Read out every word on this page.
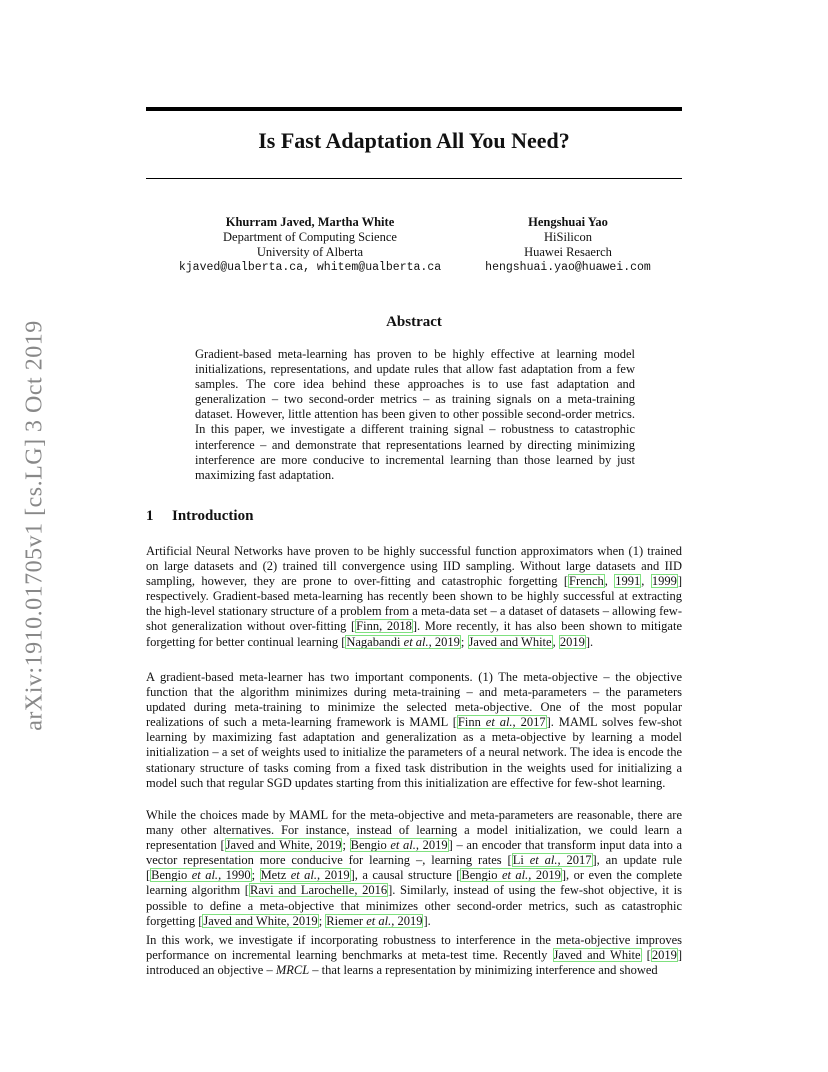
Is Fast Adaptation All You Need?
arXiv:1910.01705v1 [cs.LG] 3 Oct 2019
Khurram Javed, Martha White
Department of Computing Science
University of Alberta
kjaved@ualberta.ca, whitem@ualberta.ca
Hengshuai Yao
HiSilicon
Huawei Resaerch
hengshuai.yao@huawei.com
Abstract

Gradient-based meta-learning has proven to be highly effective at learning model initializations, representations, and update rules that allow fast adaptation from a few samples. The core idea behind these approaches is to use fast adaptation and generalization – two second-order metrics – as training signals on a meta-training dataset. However, little attention has been given to other possible second-order metrics. In this paper, we investigate a different training signal – robustness to catastrophic interference – and demonstrate that representations learned by directing minimizing interference are more conducive to incremental learning than those learned by just maximizing fast adaptation.

1 Introduction

Artificial Neural Networks have proven to be highly successful function approximators when (1) trained on large datasets and (2) trained till convergence using IID sampling. Without large datasets and IID sampling, however, they are prone to over-fitting and catastrophic forgetting [French, 1991, 1999] respectively. Gradient-based meta-learning has recently been shown to be highly successful at extracting the high-level stationary structure of a problem from a meta-data set – a dataset of datasets – allowing few-shot generalization without over-fitting [Finn, 2018]. More recently, it has also been shown to mitigate forgetting for better continual learning [Nagabandi et al., 2019; Javed and White, 2019].

A gradient-based meta-learner has two important components. (1) The meta-objective – the objective function that the algorithm minimizes during meta-training – and meta-parameters – the parameters updated during meta-training to minimize the selected meta-objective. One of the most popular realizations of such a meta-learning framework is MAML [Finn et al., 2017]. MAML solves few-shot learning by maximizing fast adaptation and generalization as a meta-objective by learning a model initialization – a set of weights used to initialize the parameters of a neural network. The idea is encode the stationary structure of tasks coming from a fixed task distribution in the weights used for initializing a model such that regular SGD updates starting from this initialization are effective for few-shot learning.

While the choices made by MAML for the meta-objective and meta-parameters are reasonable, there are many other alternatives. For instance, instead of learning a model initialization, we could learn a representation [Javed and White, 2019; Bengio et al., 2019] – an encoder that transform input data into a vector representation more conducive for learning –, learning rates [Li et al., 2017], an update rule [Bengio et al., 1990; Metz et al., 2019], a causal structure [Bengio et al., 2019], or even the complete learning algorithm [Ravi and Larochelle, 2016]. Similarly, instead of using the few-shot objective, it is possible to define a meta-objective that minimizes other second-order metrics, such as catastrophic forgetting [Javed and White, 2019; Riemer et al., 2019].

In this work, we investigate if incorporating robustness to interference in the meta-objective improves performance on incremental learning benchmarks at meta-test time. Recently Javed and White [2019] introduced an objective – MRCL – that learns a representation by minimizing interference and showed
